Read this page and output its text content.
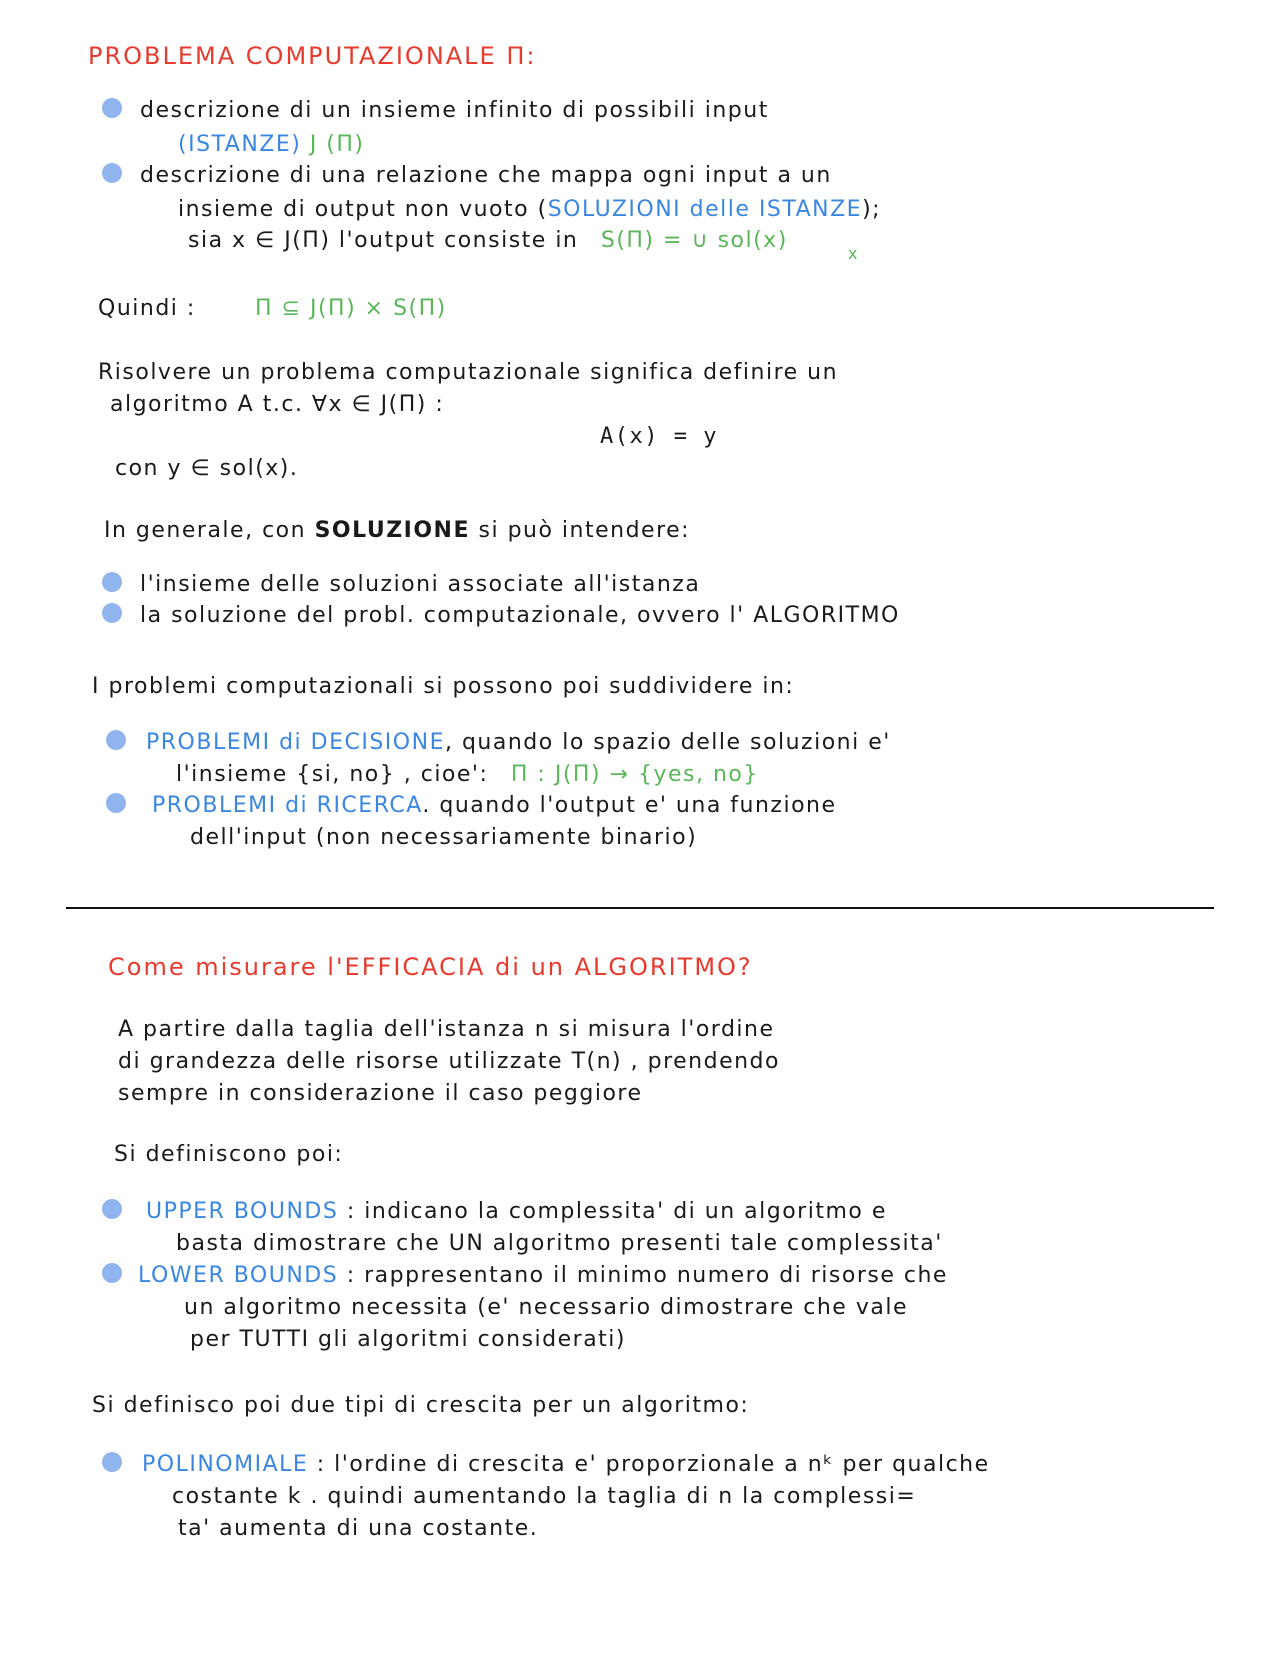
PROBLEMA COMPUTAZIONALE Π:
descrizione di un insieme infinito di possibili input
(ISTANZE) J (Π)
descrizione di una relazione che mappa ogni input a un
insieme di output non vuoto (SOLUZIONI delle ISTANZE);
sia x ∈ J(Π) l'output consiste in S(Π) = ∪ sol(x)
x
Quindi :	Π ⊆ J(Π) × S(Π)
Risolvere un problema computazionale significa definire un
algoritmo A t.c. ∀x ∈ J(Π) :
A(x) = y
con y ∈ sol(x).
In generale, con SOLUZIONE si può intendere:
l'insieme delle soluzioni associate all'istanza
la soluzione del probl. computazionale, ovvero l' ALGORITMO
I problemi computazionali si possono poi suddividere in:
PROBLEMI di DECISIONE, quando lo spazio delle soluzioni e'
l'insieme {si, no} , cioe': Π : J(Π) → {yes, no}
PROBLEMI di RICERCA. quando l'output e' una funzione
dell'input (non necessariamente binario)
Come misurare l'EFFICACIA di un ALGORITMO?
A partire dalla taglia dell'istanza n si misura l'ordine
di grandezza delle risorse utilizzate T(n) , prendendo
sempre in considerazione il caso peggiore
Si definiscono poi:
UPPER BOUNDS : indicano la complessita' di un algoritmo e
basta dimostrare che UN algoritmo presenti tale complessita'
LOWER BOUNDS : rappresentano il minimo numero di risorse che
un algoritmo necessita (e' necessario dimostrare che vale
per TUTTI gli algoritmi considerati)
Si definisco poi due tipi di crescita per un algoritmo:
POLINOMIALE : l'ordine di crescita e' proporzionale a nᵏ per qualche
costante k . quindi aumentando la taglia di n la complessi=
ta' aumenta di una costante.
